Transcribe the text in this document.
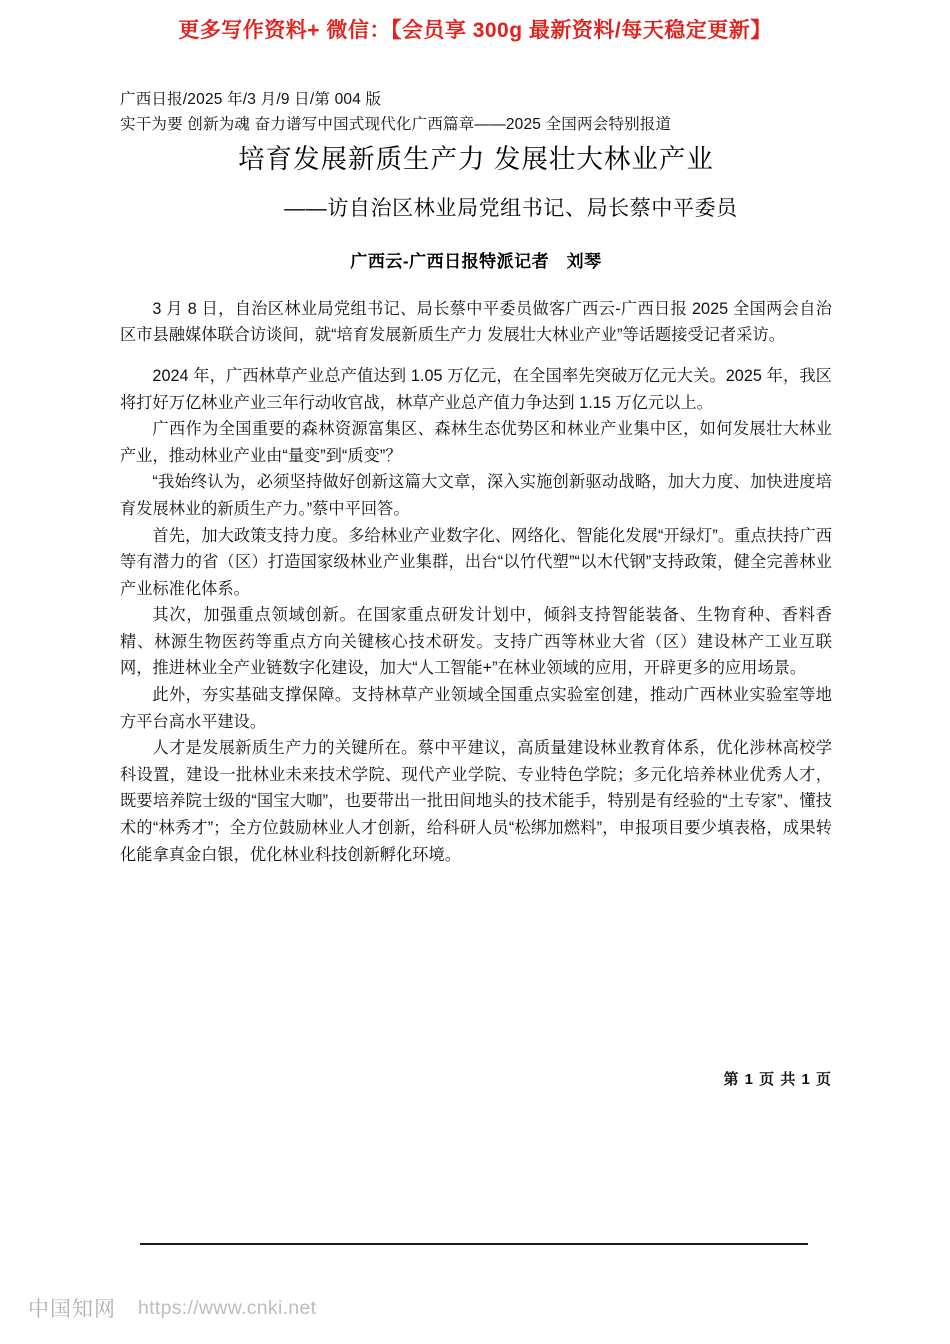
更多写作资料+ 微信：【会员享 300g 最新资料/每天稳定更新】
广西日报/2025 年/3 月/9 日/第 004 版
实干为要 创新为魂 奋力谱写中国式现代化广西篇章——2025 全国两会特别报道
培育发展新质生产力 发展壮大林业产业
——访自治区林业局党组书记、局长蔡中平委员
广西云-广西日报特派记者　刘琴

3 月 8 日，自治区林业局党组书记、局长蔡中平委员做客广西云-广西日报 2025 全国两会自治区市县融媒体联合访谈间，就“培育发展新质生产力 发展壮大林业产业”等话题接受记者采访。

2024 年，广西林草产业总产值达到 1.05 万亿元，在全国率先突破万亿元大关。2025 年，我区将打好万亿林业产业三年行动收官战，林草产业总产值力争达到 1.15 万亿元以上。

广西作为全国重要的森林资源富集区、森林生态优势区和林业产业集中区，如何发展壮大林业产业，推动林业产业由“量变”到“质变”？

“我始终认为，必须坚持做好创新这篇大文章，深入实施创新驱动战略，加大力度、加快进度培育发展林业的新质生产力。”蔡中平回答。

首先，加大政策支持力度。多给林业产业数字化、网络化、智能化发展“开绿灯”。重点扶持广西等有潜力的省（区）打造国家级林业产业集群，出台“以竹代塑”“以木代钢”支持政策，健全完善林业产业标准化体系。

其次，加强重点领域创新。在国家重点研发计划中，倾斜支持智能装备、生物育种、香料香精、林源生物医药等重点方向关键核心技术研发。支持广西等林业大省（区）建设林产工业互联网，推进林业全产业链数字化建设，加大“人工智能+”在林业领域的应用，开辟更多的应用场景。

此外，夯实基础支撑保障。支持林草产业领域全国重点实验室创建，推动广西林业实验室等地方平台高水平建设。

人才是发展新质生产力的关键所在。蔡中平建议，高质量建设林业教育体系，优化涉林高校学科设置，建设一批林业未来技术学院、现代产业学院、专业特色学院；多元化培养林业优秀人才，既要培养院士级的“国宝大咖”，也要带出一批田间地头的技术能手，特别是有经验的“土专家”、懂技术的“林秀才”；全方位鼓励林业人才创新，给科研人员“松绑加燃料”，申报项目要少填表格，成果转化能拿真金白银，优化林业科技创新孵化环境。

第 1 页 共 1 页
中国知网 https://www.cnki.net
